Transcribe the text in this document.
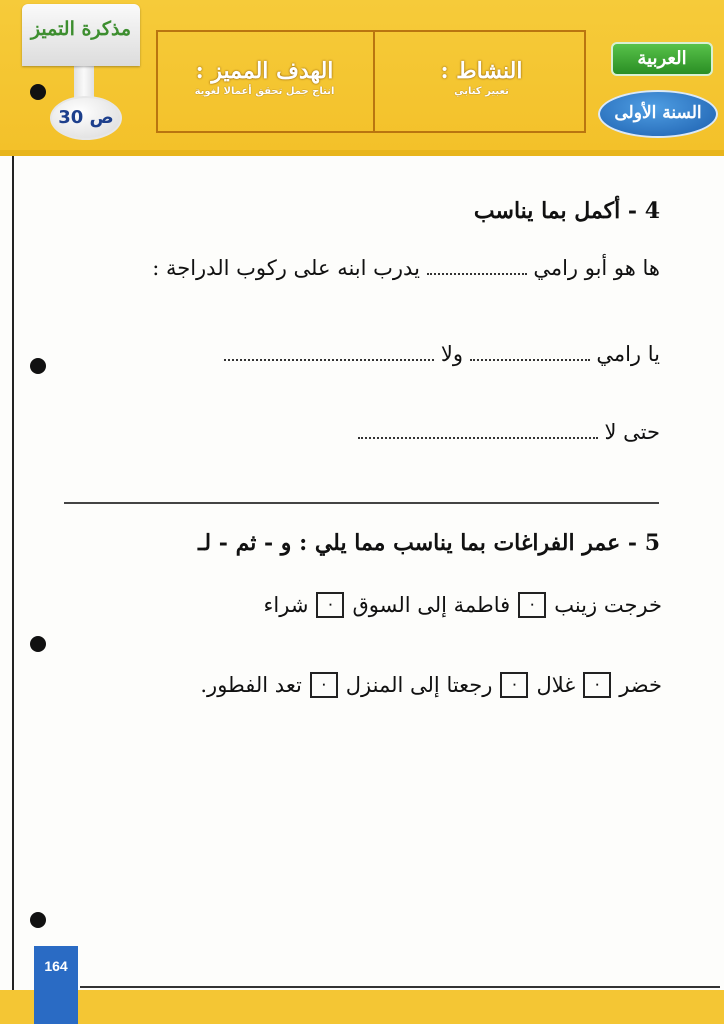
مذكرة التميز
ص 30
الهدف المميز :
انتاج جمل تحقق أعمالا لغوية
النشاط :
تعبير كتابي
العربية
السنة الأولى
4 - أكمل بما يناسب
ها هو أبو رامي  يدرب ابنه على ركوب الدراجة :
يا رامي  ولا
حتى لا
5 - عمر الفراغات بما يناسب مما يلي : و - ثم - لـ
خرجت زينب
٠
فاطمة إلى السوق
٠
شراء
خضر
٠
غلال
٠
رجعتا إلى المنزل
٠
تعد الفطور.
164
